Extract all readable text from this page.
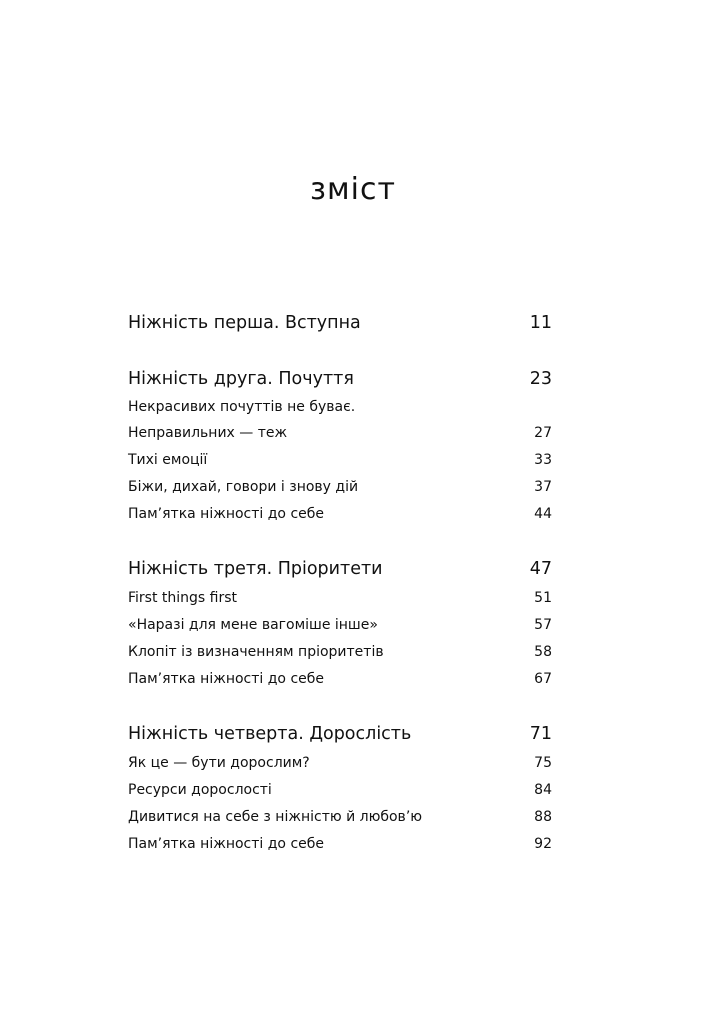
зміст
Ніжність перша. Вступна	11
Ніжність друга. Почуття	23
Некрасивих почуттів не буває.
Неправильних — теж	27
Тихі емоції	33
Біжи, дихай, говори і знову дій	37
Пам’ятка ніжності до себе	44
Ніжність третя. Пріоритети	47
First things first	51
«Наразі для мене вагоміше інше»	57
Клопіт із визначенням пріоритетів	58
Пам’ятка ніжності до себе	67
Ніжність четверта. Дорослість	71
Як це — бути дорослим?	75
Ресурси дорослості	84
Дивитися на себе з ніжністю й любов’ю	88
Пам’ятка ніжності до себе	92
